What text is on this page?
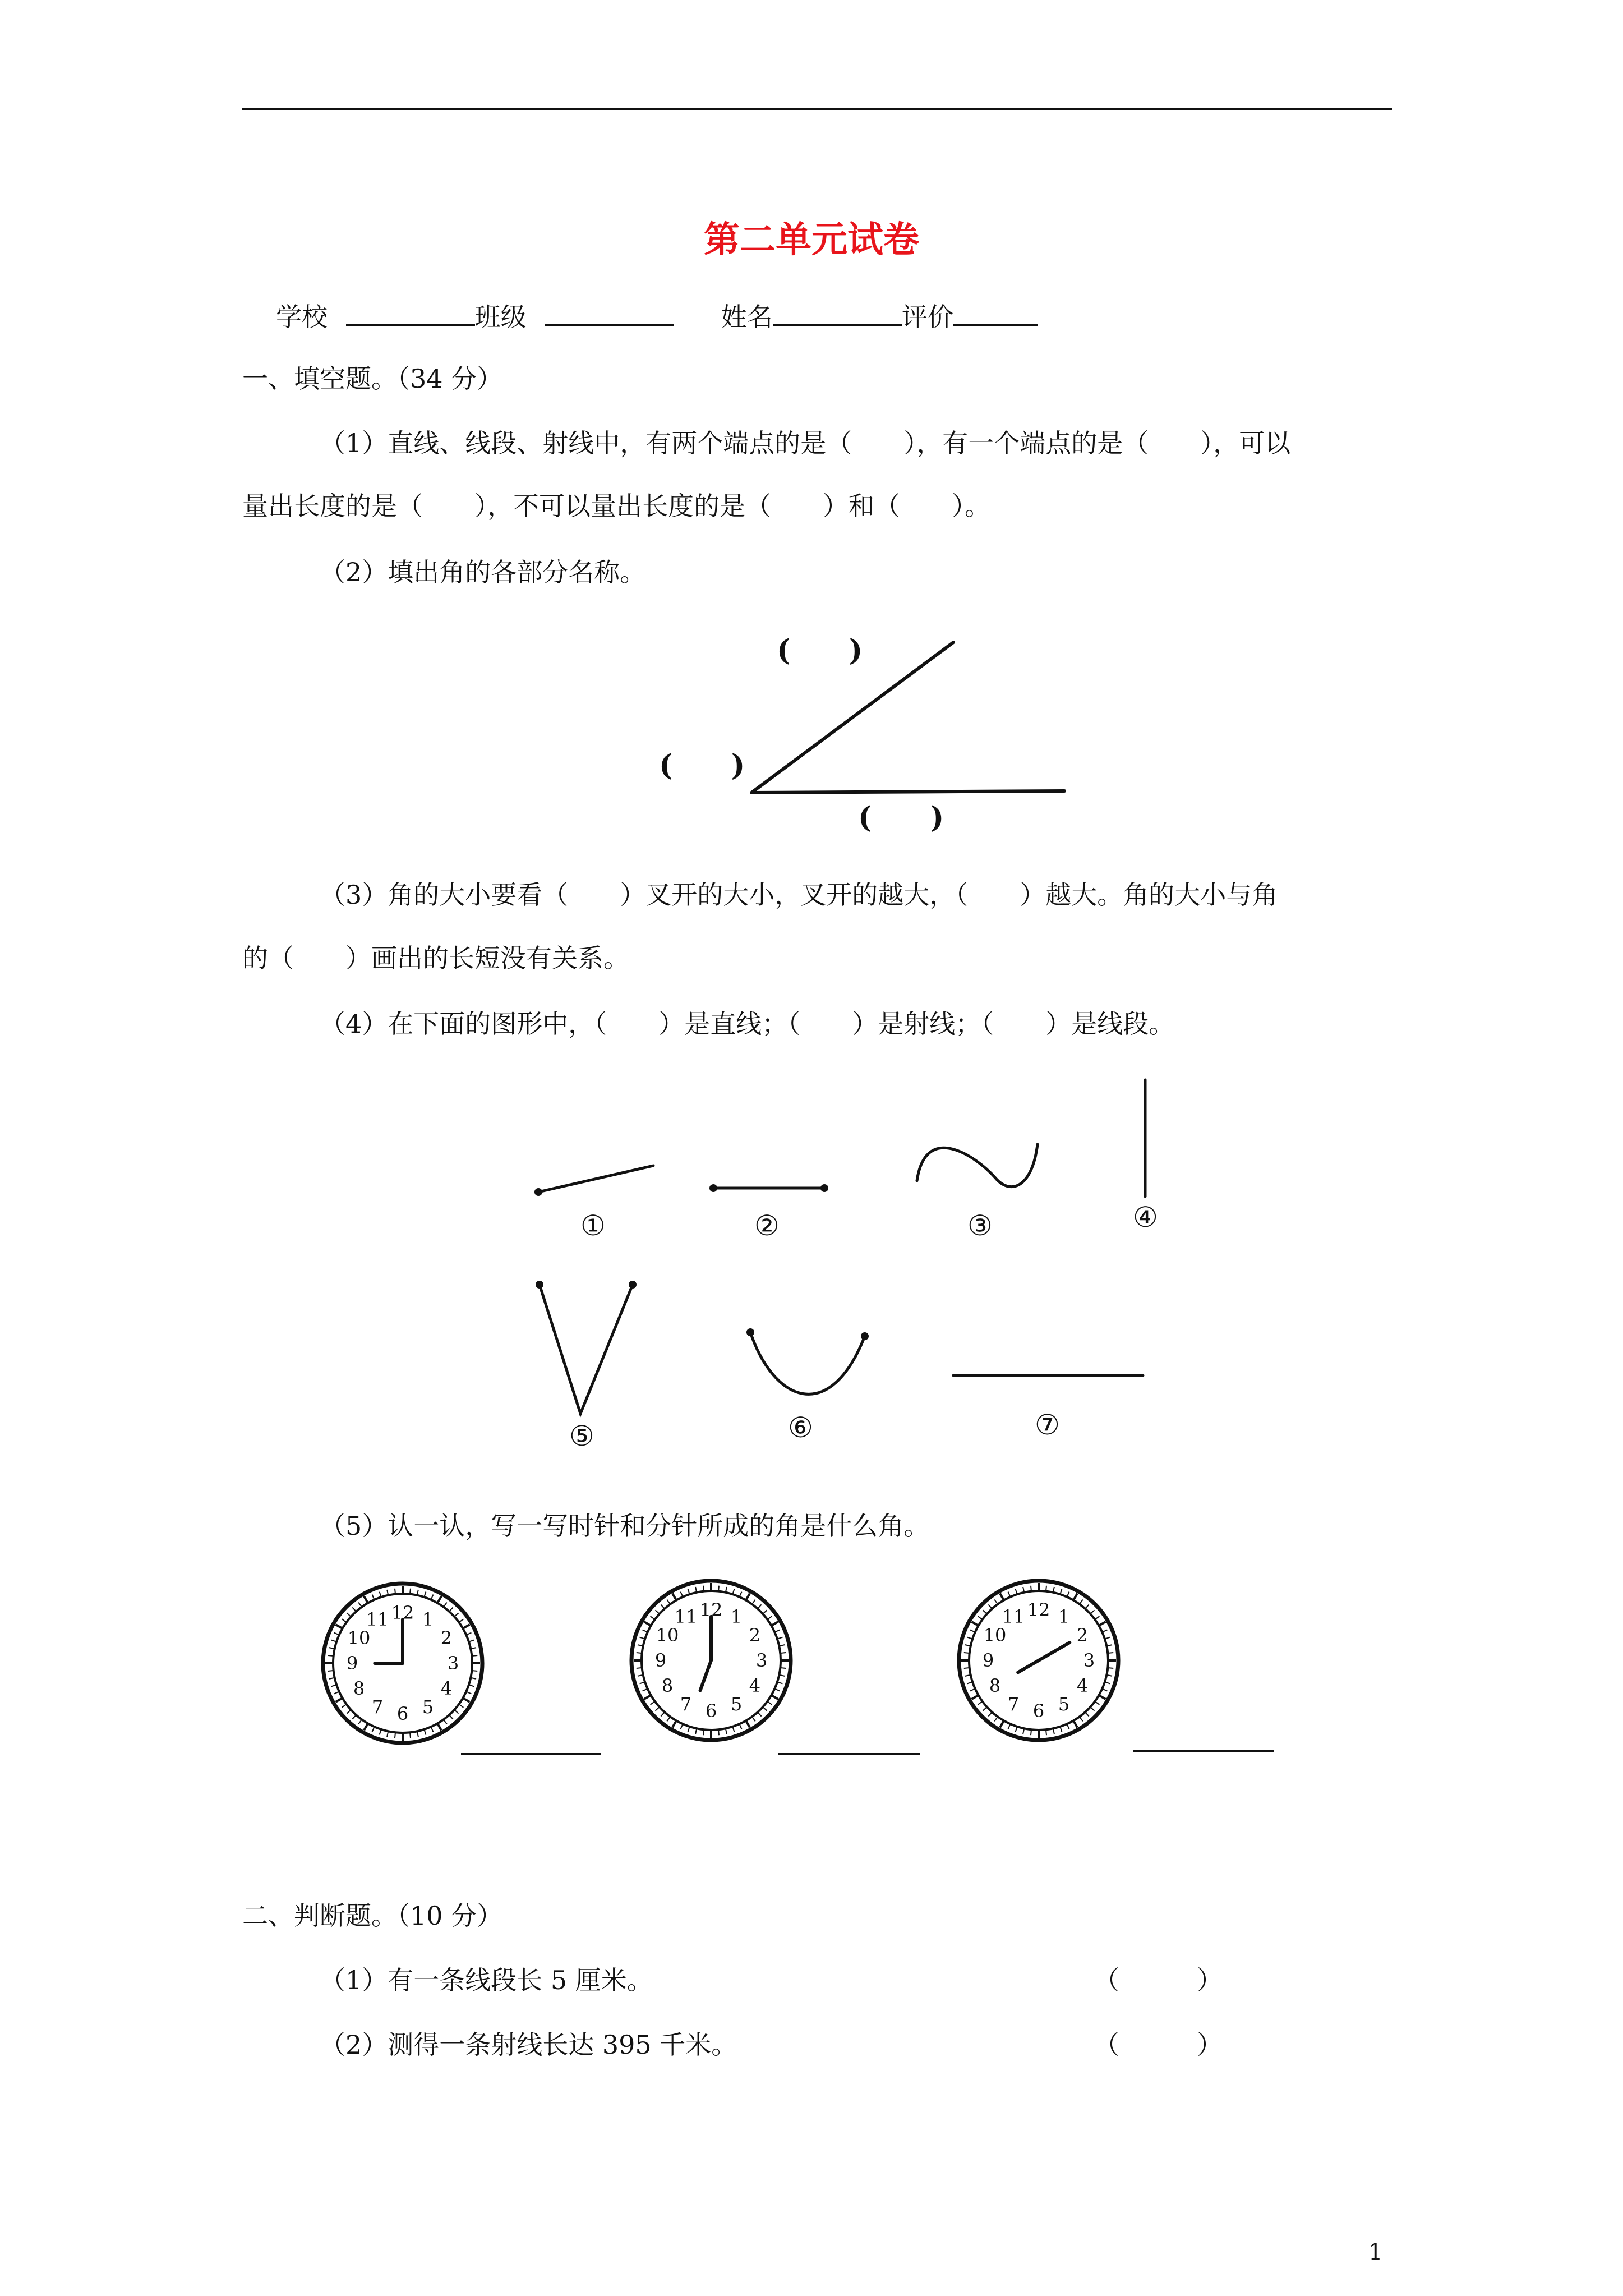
第二单元试卷
学校	班级	姓名	评价
一、填空题。（34 分）
（1）直线、线段、射线中，有两个端点的是（　　），有一个端点的是（　　），可以
量出长度的是（　　），不可以量出长度的是（　　）和（　　）。
（2）填出角的各部分名称。
(　　)
(　　)
(　　)
（3）角的大小要看（　　）叉开的大小，叉开的越大，（　　）越大。角的大小与角
的（　　）画出的长短没有关系。
（4）在下面的图形中，（　　）是直线；（　　）是射线；（　　）是线段。
①	②	③	④
⑤	⑥	⑦
（5）认一认，写一写时针和分针所成的角是什么角。
二、判断题。（10 分）
（1）有一条线段长 5 厘米。	（　　　）
（2）测得一条射线长达 395 千米。	（　　　）
1
12 1
2
3
4
5
6
7
8
9
10
11	12 1
2
3
4
5
6
7
8
9
10
11	12 1
2
3
4
5
6
7
8
9
10
11
